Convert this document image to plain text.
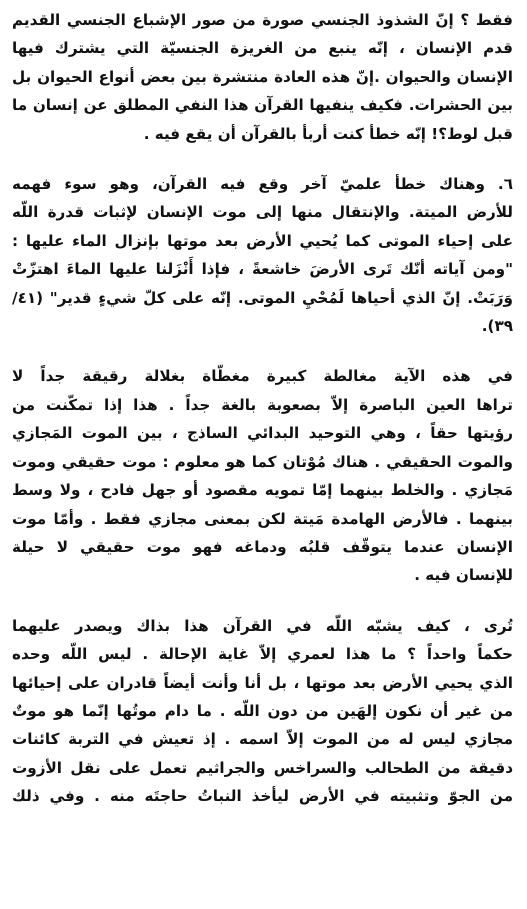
فقط ؟ إنّ الشذوذ الجنسي صورة من صور الإشباع الجنسي القديم
قدم الإنسان ، إنّه ينبع من الغريزة الجنسيّة التي يشترك فيها
الإنسان والحيوان .إنّ هذه العادة منتشرة بين بعض أنواع الحيوان بل
بين الحشرات. فكيف ينفيها القرآن هذا النفي المطلق عن إنسان ما
قبل لوط؟! إنّه خطأ كنت أربأ بالقرآن أن يقع فيه .
٦. وهناك خطأ علميّ آخر وقع فيه القرآن، وهو سوء فهمه
للأرض الميتة. والإنتقال منها إلى موت الإنسان لإثبات قدرة اللّه
على إحياء الموتى كما يُحيي الأرض بعد موتها بإنزال الماء عليها :
"ومن آياته أنّك تَرى الأرضَ خاشعةً ، فإذا أَنْزَلنا عليها الماءَ اهتزّتْ
وَرَبَتْ. إنّ الذي أحياها لَمُحْيِ الموتى. إنّه على كلّ شيءٍ قدير" (٤١/
٣٩).
في هذه الآية مغالطة كبيرة مغطّاة بغلالة رقيقة جداً لا
تراها العين الباصرة إلاّ بصعوبة بالغة جداً . هذا إذا تمكّنت من
رؤيتها حقاً ، وهي التوحيد البدائي الساذج ، بين الموت المَجازي
والموت الحقيقي . هناك مُوْتان كما هو معلوم : موت حقيقي وموت
مَجازي . والخلط بينهما إمّا تمويه مقصود أو جهل فادح ، ولا وسط
بينهما . فالأرض الهامدة مَيتة لكن بمعنى مجازي فقط . وأمّا موت
الإنسان عندما يتوقّف قلبُه ودماغه فهو موت حقيقي لا حيلة
للإنسان فيه .
تُرى ، كيف يشبّه اللّه في القرآن هذا بذاك ويصدر عليهما
حكماً واحداً ؟ ما هذا لعمري إلاّ غاية الإحالة . ليس اللّه وحده
الذي يحيي الأرض بعد موتها ، بل أنا وأنت أيضاً قادران على إحيائها
من غير أن نكون إلهَين من دون اللّه . ما دام موتُها إنّما هو موتٌ
مجازي ليس له من الموت إلاّ اسمه . إذ تعيش في التربة كائنات
دقيقة من الطحالب والسراخس والجراثيم تعمل على نقل الأزوت
من الجوّ وتثبيته في الأرض ليأخذ النباتُ حاجتَه منه . وفي ذلك
